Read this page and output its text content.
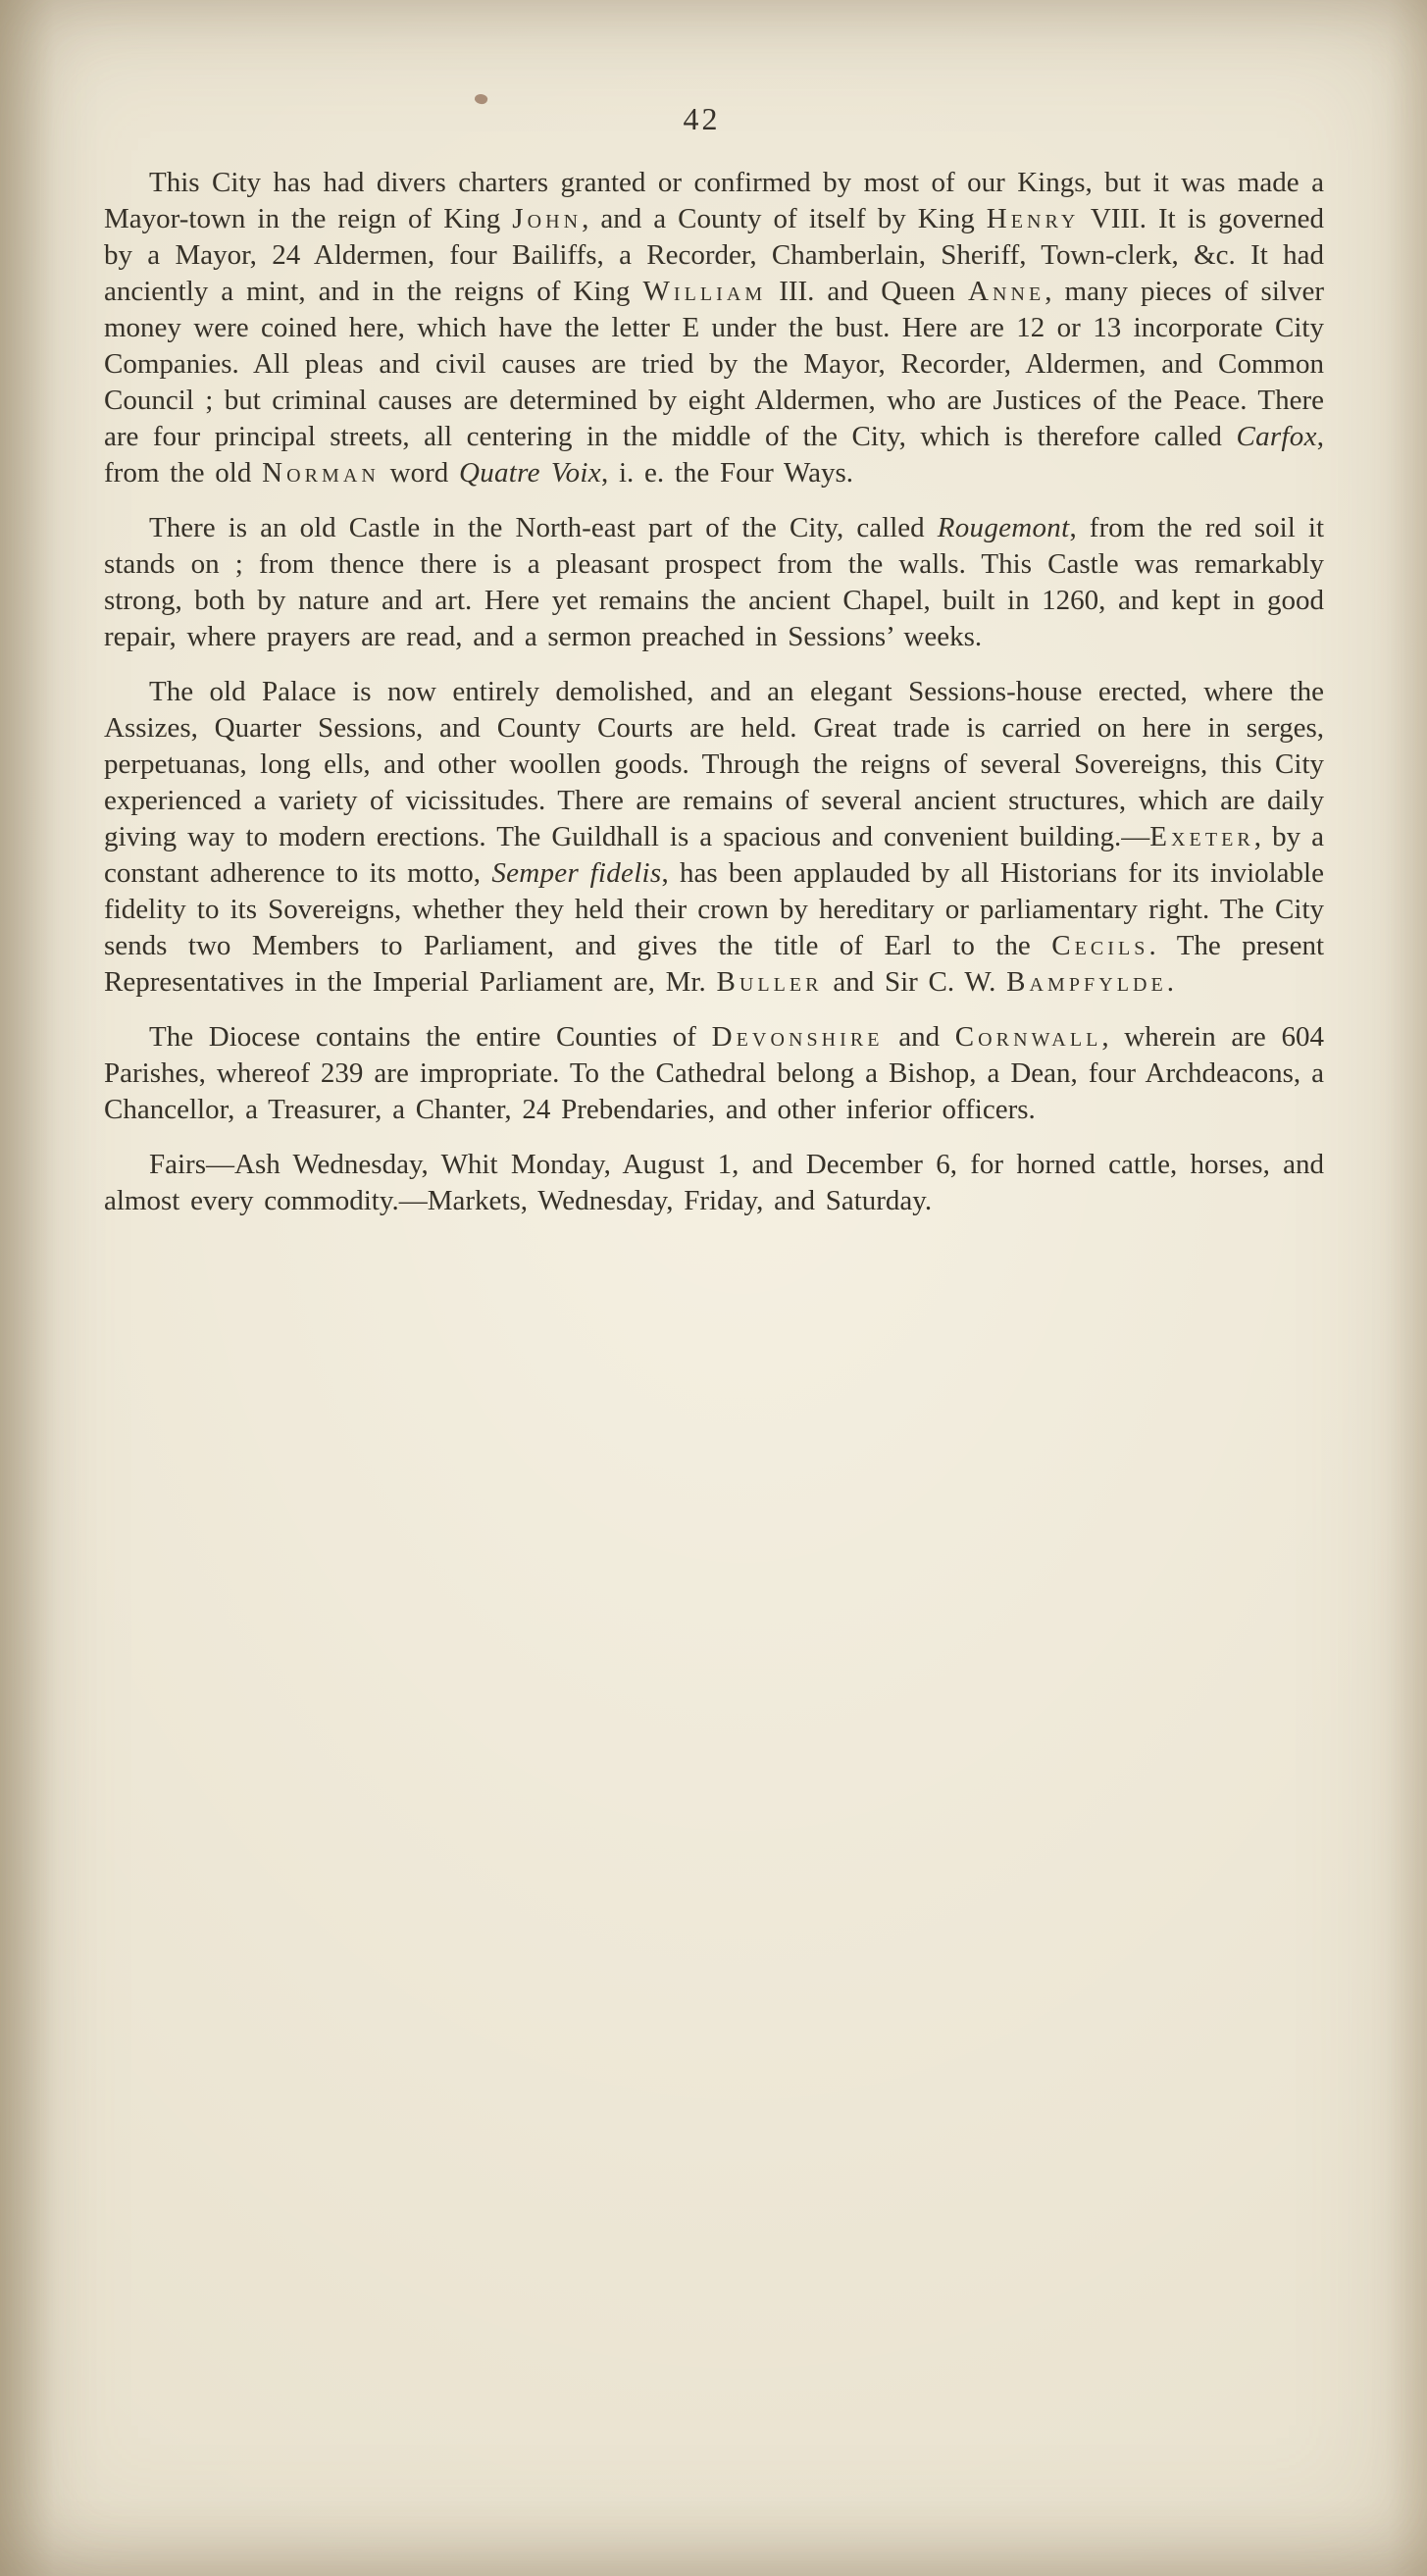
42

This City has had divers charters granted or confirmed by most of our Kings, but it was made a Mayor-town in the reign of King John, and a County of itself by King Henry VIII. It is governed by a Mayor, 24 Aldermen, four Bailiffs, a Recorder, Chamberlain, Sheriff, Town-clerk, &c. It had anciently a mint, and in the reigns of King William III. and Queen Anne, many pieces of silver money were coined here, which have the letter E under the bust. Here are 12 or 13 incorporate City Companies. All pleas and civil causes are tried by the Mayor, Recorder, Aldermen, and Common Council ; but criminal causes are determined by eight Aldermen, who are Justices of the Peace. There are four principal streets, all centering in the middle of the City, which is therefore called Carfox, from the old Norman word Quatre Voix, i. e. the Four Ways.

There is an old Castle in the North-east part of the City, called Rougemont, from the red soil it stands on ; from thence there is a pleasant prospect from the walls. This Castle was remarkably strong, both by nature and art. Here yet remains the ancient Chapel, built in 1260, and kept in good repair, where prayers are read, and a sermon preached in Sessions’ weeks.

The old Palace is now entirely demolished, and an elegant Sessions-house erected, where the Assizes, Quarter Sessions, and County Courts are held. Great trade is carried on here in serges, perpetuanas, long ells, and other woollen goods. Through the reigns of several Sovereigns, this City experienced a variety of vicissitudes. There are remains of several ancient structures, which are daily giving way to modern erections. The Guildhall is a spacious and convenient building.—Exeter, by a constant adherence to its motto, Semper fidelis, has been applauded by all Historians for its inviolable fidelity to its Sovereigns, whether they held their crown by hereditary or parliamentary right. The City sends two Members to Parliament, and gives the title of Earl to the Cecils. The present Representatives in the Imperial Parliament are, Mr. Buller and Sir C. W. Bampfylde.

The Diocese contains the entire Counties of Devonshire and Cornwall, wherein are 604 Parishes, whereof 239 are impropriate. To the Cathedral belong a Bishop, a Dean, four Archdeacons, a Chancellor, a Treasurer, a Chanter, 24 Prebendaries, and other inferior officers.

Fairs—Ash Wednesday, Whit Monday, August 1, and December 6, for horned cattle, horses, and almost every commodity.—Markets, Wednesday, Friday, and Saturday.
